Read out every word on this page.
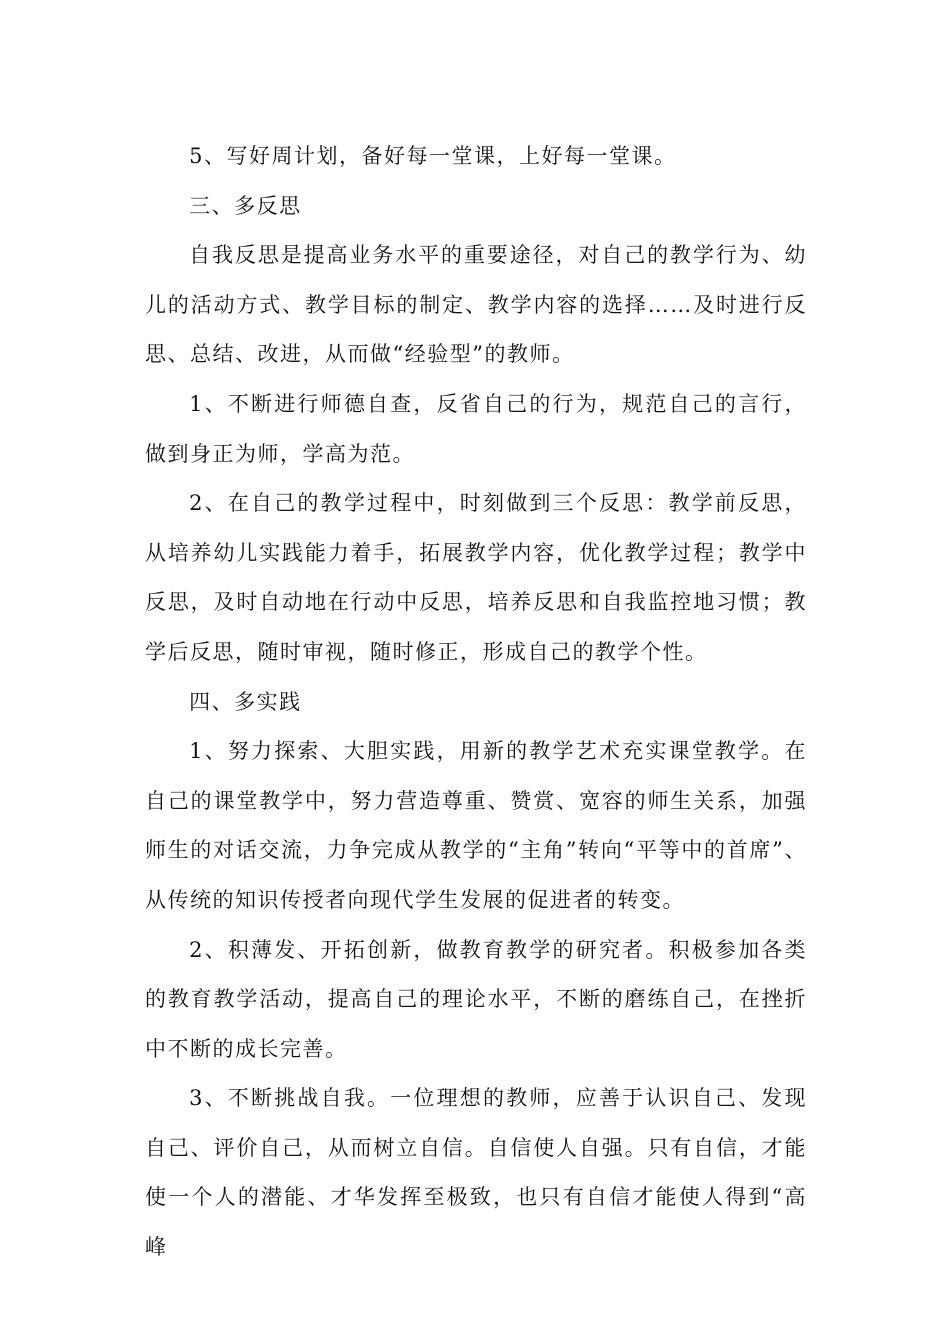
5、写好周计划，备好每一堂课，上好每一堂课。

三、多反思

自我反思是提高业务水平的重要途径，对自己的教学行为、幼儿的活动方式、教学目标的制定、教学内容的选择……及时进行反思、总结、改进，从而做“经验型”的教师。

1、不断进行师德自查，反省自己的行为，规范自己的言行，做到身正为师，学高为范。

2、在自己的教学过程中，时刻做到三个反思：教学前反思，从培养幼儿实践能力着手，拓展教学内容，优化教学过程；教学中反思，及时自动地在行动中反思，培养反思和自我监控地习惯；教学后反思，随时审视，随时修正，形成自己的教学个性。

四、多实践

1、努力探索、大胆实践，用新的教学艺术充实课堂教学。在自己的课堂教学中，努力营造尊重、赞赏、宽容的师生关系，加强师生的对话交流，力争完成从教学的“主角”转向“平等中的首席”、从传统的知识传授者向现代学生发展的促进者的转变。

2、积薄发、开拓创新，做教育教学的研究者。积极参加各类的教育教学活动，提高自己的理论水平，不断的磨练自己，在挫折中不断的成长完善。

3、不断挑战自我。一位理想的教师，应善于认识自己、发现自己、评价自己，从而树立自信。自信使人自强。只有自信，才能使一个人的潜能、才华发挥至极致，也只有自信才能使人得到“高峰
